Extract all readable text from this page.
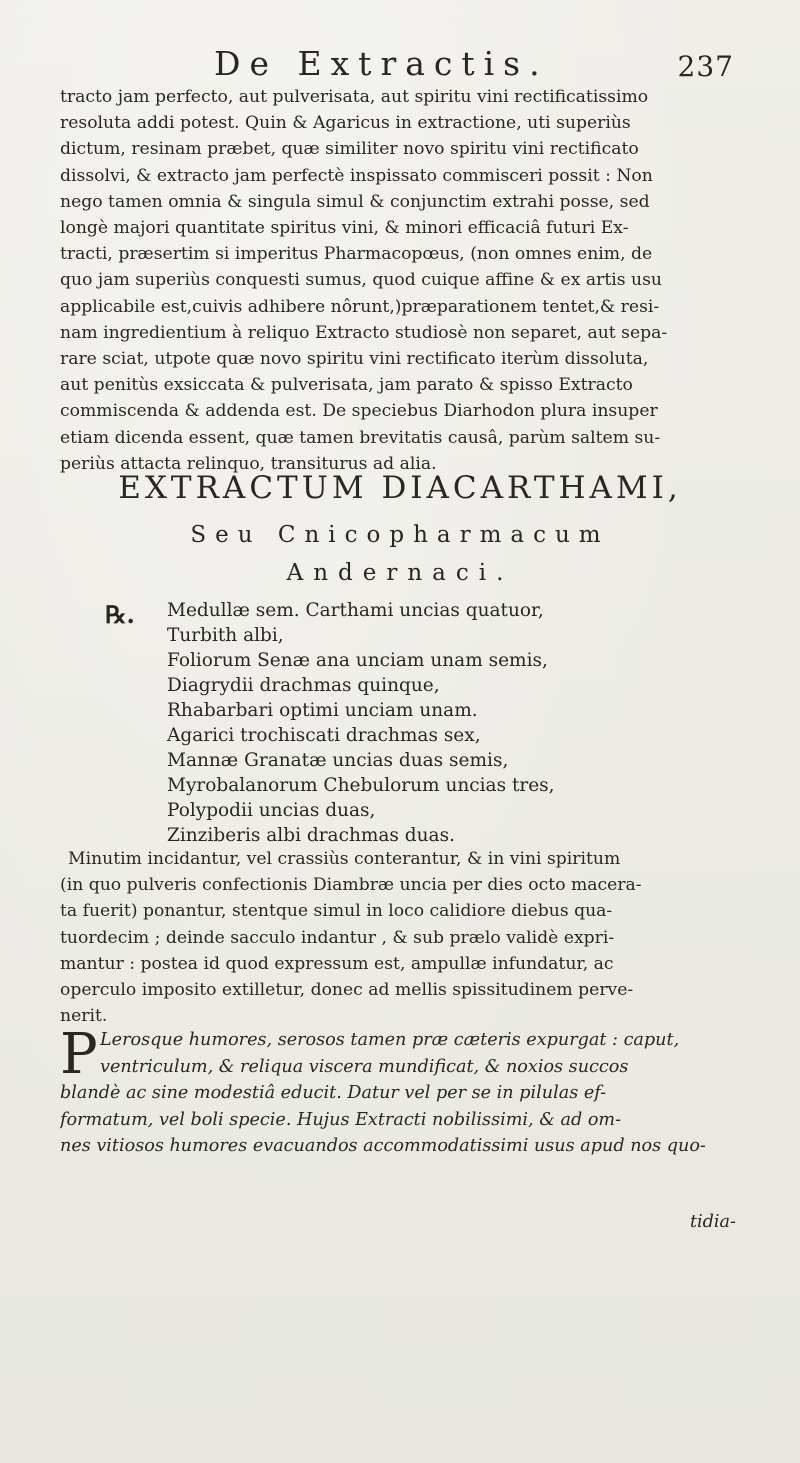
De Extractis.	237

tracto jam perfecto, aut pulverisata, aut spiritu vini rectificatissimo
resoluta addi potest. Quin & Agaricus in extractione, uti superiùs
dictum, resinam præbet, quæ similiter novo spiritu vini rectificato
dissolvi, & extracto jam perfectè inspissato commisceri possit : Non
nego tamen omnia & singula simul & conjunctim extrahi posse, sed
longè majori quantitate spiritus vini, & minori efficaciâ futuri Ex-
tracti, præsertim si imperitus Pharmacopœus, (non omnes enim, de
quo jam superiùs conquesti sumus, quod cuique affine & ex artis usu
applicabile est,cuivis adhibere nôrunt,)præparationem tentet,& resi-
nam ingredientium à reliquo Extracto studiosè non separet, aut sepa-
rare sciat, utpote quæ novo spiritu vini rectificato iterùm dissoluta,
aut penitùs exsiccata & pulverisata, jam parato & spisso Extracto
commiscenda & addenda est. De speciebus Diarhodon plura insuper
etiam dicenda essent, quæ tamen brevitatis causâ, parùm saltem su-
periùs attacta relinquo, transiturus ad alia.

EXTRACTUM DIACARTHAMI,
Seu Cnicopharmacum
Andernaci.
℞. Medullæ sem. Carthami uncias quatuor,
Turbith albi,
Foliorum Senæ ana unciam unam semis,
Diagrydii drachmas quinque,
Rhabarbari optimi unciam unam.
Agarici trochiscati drachmas sex,
Mannæ Granatæ uncias duas semis,
Myrobalanorum Chebulorum uncias tres,
Polypodii uncias duas,
Zinziberis albi drachmas duas.

Minutim incidantur, vel crassiùs conterantur, & in vini spiritum
(in quo pulveris confectionis Diambræ uncia per dies octo macera-
ta fuerit) ponantur, stentque simul in loco calidiore diebus qua-
tuordecim ; deinde sacculo indantur , & sub prælo validè expri-
mantur : postea id quod expressum est, ampullæ infundatur, ac
operculo imposito extilletur, donec ad mellis spissitudinem perve-
nerit.

P Lerosque humores, serosos tamen præ cæteris expurgat : caput,
ventriculum, & reliqua viscera mundificat, & noxios succos
blandè ac sine modestiâ educit. Datur vel per se in pilulas ef-
formatum, vel boli specie. Hujus Extracti nobilissimi, & ad om-
nes vitiosos humores evacuandos accommodatissimi usus apud nos quo-

tidia-
